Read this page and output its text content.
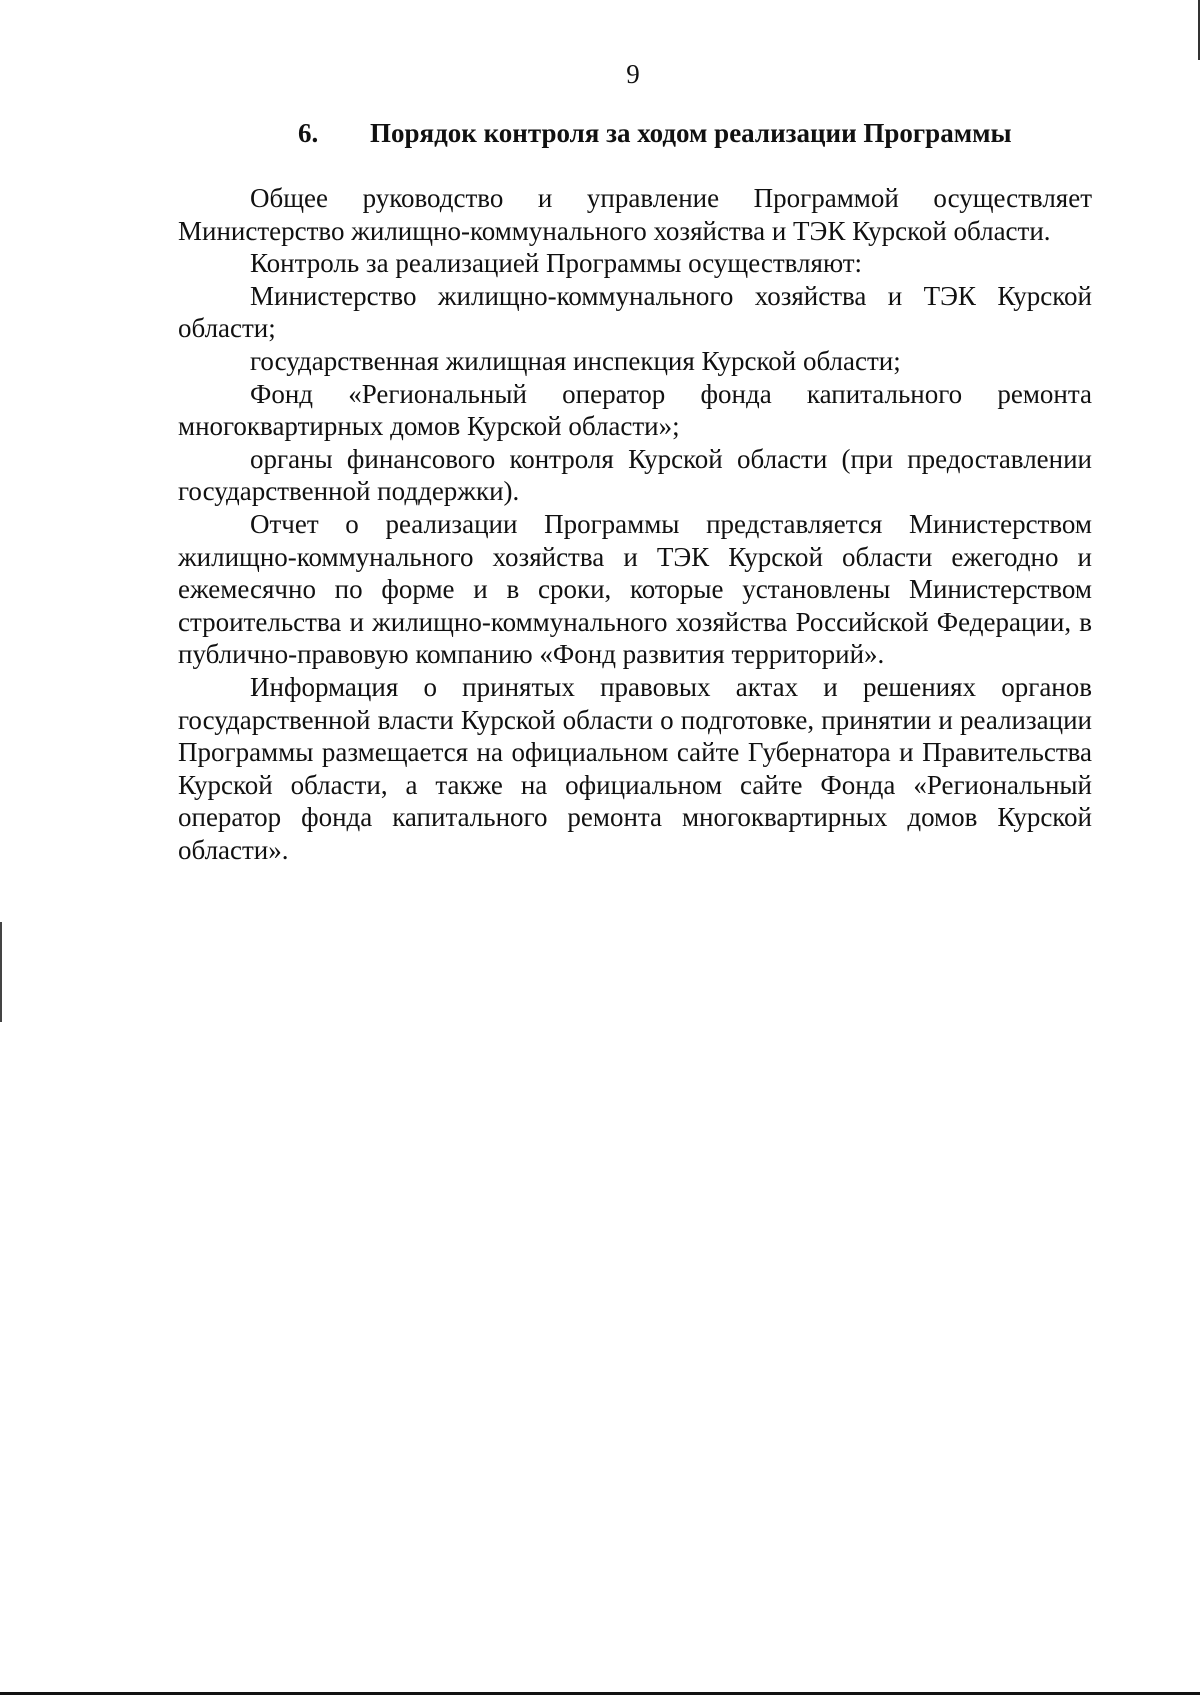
9
6. Порядок контроля за ходом реализации Программы

Общее руководство и управление Программой осуществляет Министерство жилищно-коммунального хозяйства и ТЭК Курской области.

Контроль за реализацией Программы осуществляют:

Министерство жилищно-коммунального хозяйства и ТЭК Курской области;

государственная жилищная инспекция Курской области;

Фонд «Региональный оператор фонда капитального ремонта многоквартирных домов Курской области»;

органы финансового контроля Курской области (при предоставлении государственной поддержки).

Отчет о реализации Программы представляется Министерством жилищно-коммунального хозяйства и ТЭК Курской области ежегодно и ежемесячно по форме и в сроки, которые установлены Министерством строительства и жилищно-коммунального хозяйства Российской Федерации, в публично-правовую компанию «Фонд развития территорий».

Информация о принятых правовых актах и решениях органов государственной власти Курской области о подготовке, принятии и реализации Программы размещается на официальном сайте Губернатора и Правительства Курской области, а также на официальном сайте Фонда «Региональный оператор фонда капитального ремонта многоквартирных домов Курской области».
